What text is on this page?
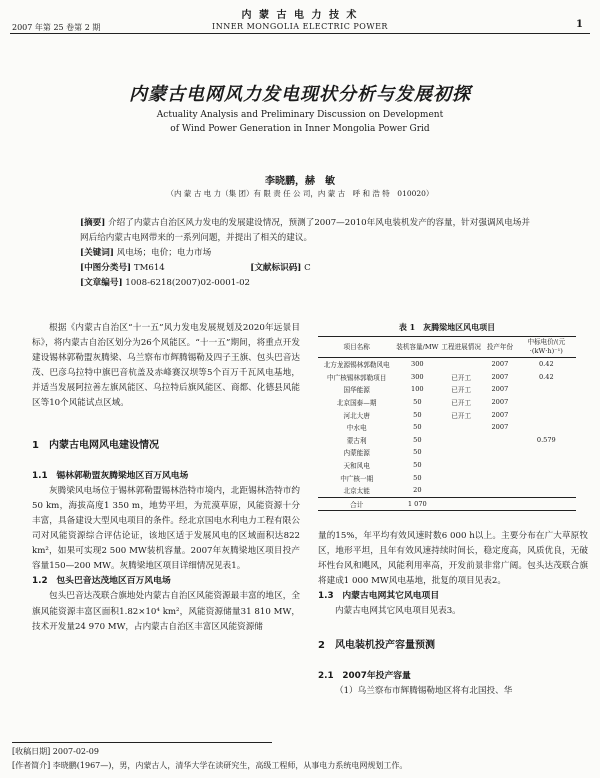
内 蒙 古 电 力 技 术
2007 年第 25 卷第 2 期	INNER MONGOLIA ELECTRIC POWER	1
内蒙古电网风力发电现状分析与发展初探
Actuality Analysis and Preliminary Discussion on Development
of Wind Power Generation in Inner Mongolia Power Grid
李晓鹏，赫　敏
（内 蒙 古 电 力（集 团）有 限 责 任 公 司，内 蒙 古　呼 和 浩 特　010020）
[摘要] 介绍了内蒙古自治区风力发电的发展建设情况，预测了2007—2010年风电装机发产的容量，针对强调风电场并网后给内蒙古电网带来的一系列问题，并提出了相关的建议。
[关键词] 风电场；电价；电力市场
[中图分类号] TM614	[文献标识码] C
[文章编号] 1008-6218(2007)02-0001-02

根据《内蒙古自治区“十一五”风力发电发展规划及2020年远景目标》，将内蒙古自治区划分为26个风能区。“十一五”期间，将重点开发建设锡林郭勒盟灰腾梁、乌兰察布市辉腾锡勒及四子王旗、包头巴音达茂、巴彦乌拉特中旗巴音杭盖及赤峰赛汉坝等5个百万千瓦风电基地，并适当发展阿拉善左旗风能区、乌拉特后旗风能区、商都、化德县风能区等10个风能试点区域。

1　内蒙古电网风电建设情况
1.1　锡林郭勒盟灰腾梁地区百万风电场

灰腾梁风电场位于锡林郭勒盟锡林浩特市境内，北距锡林浩特市约50 km，海拔高度1 350 m，地势平坦，为荒漠草原，风能资源十分丰富，具备建设大型风电项目的条件。经北京国电水利电力工程有限公司对风能资源综合评估论证，该地区适于发展风电的区域面积达822 km²，如果可实现2 500 MW装机容量。2007年灰腾梁地区项目投产容量150—200 MW。灰腾梁地区项目详细情况见表1。

1.2　包头巴音达茂地区百万风电场

包头巴音达茂联合旗地处内蒙古自治区风能资源最丰富的地区，全旗风能资源丰富区面积1.82×10⁴ km²，风能资源储量31 810 MW，技术开发量24 970 MW，占内蒙古自治区丰富区风能资源储

表 1　灰腾梁地区风电项目
项目名称	装机容量/MW	工程进展情况	投产年份	中标电价/(元·(kW·h)⁻¹)
北方龙源锡林郭勒风电	300		2007	0.42
中广核锡林郭勒项目	300	已开工	2007	0.42
国华能源	100	已开工	2007	
北京国泰—期	50	已开工	2007	
河北大唐	50	已开工	2007	
中水电	50		2007	
蒙古利	50			0.579
内蒙能源	50			
天和风电	50			
中广核一期	50			
北京太能	20			
合计	1 070			

量的15%，年平均有效风速时数6 000 h以上。主要分布在广大草原牧区，地形平坦，且年有效风速持续时间长，稳定度高，风质优良，无破坏性台风和飓风，风能利用率高，开发前景非常广阔。包头达茂联合旗将建成1 000 MW风电基地，批复的项目见表2。

1.3　内蒙古电网其它风电项目

内蒙古电网其它风电项目见表3。

2　风电装机投产容量预测
2.1　2007年投产容量

（1）乌兰察布市辉腾锡勒地区将有北国投、华

[收稿日期] 2007-02-09
[作者简介] 李晓鹏(1967—)，男，内蒙古人，清华大学在读研究生，高级工程师，从事电力系统电网规划工作。
